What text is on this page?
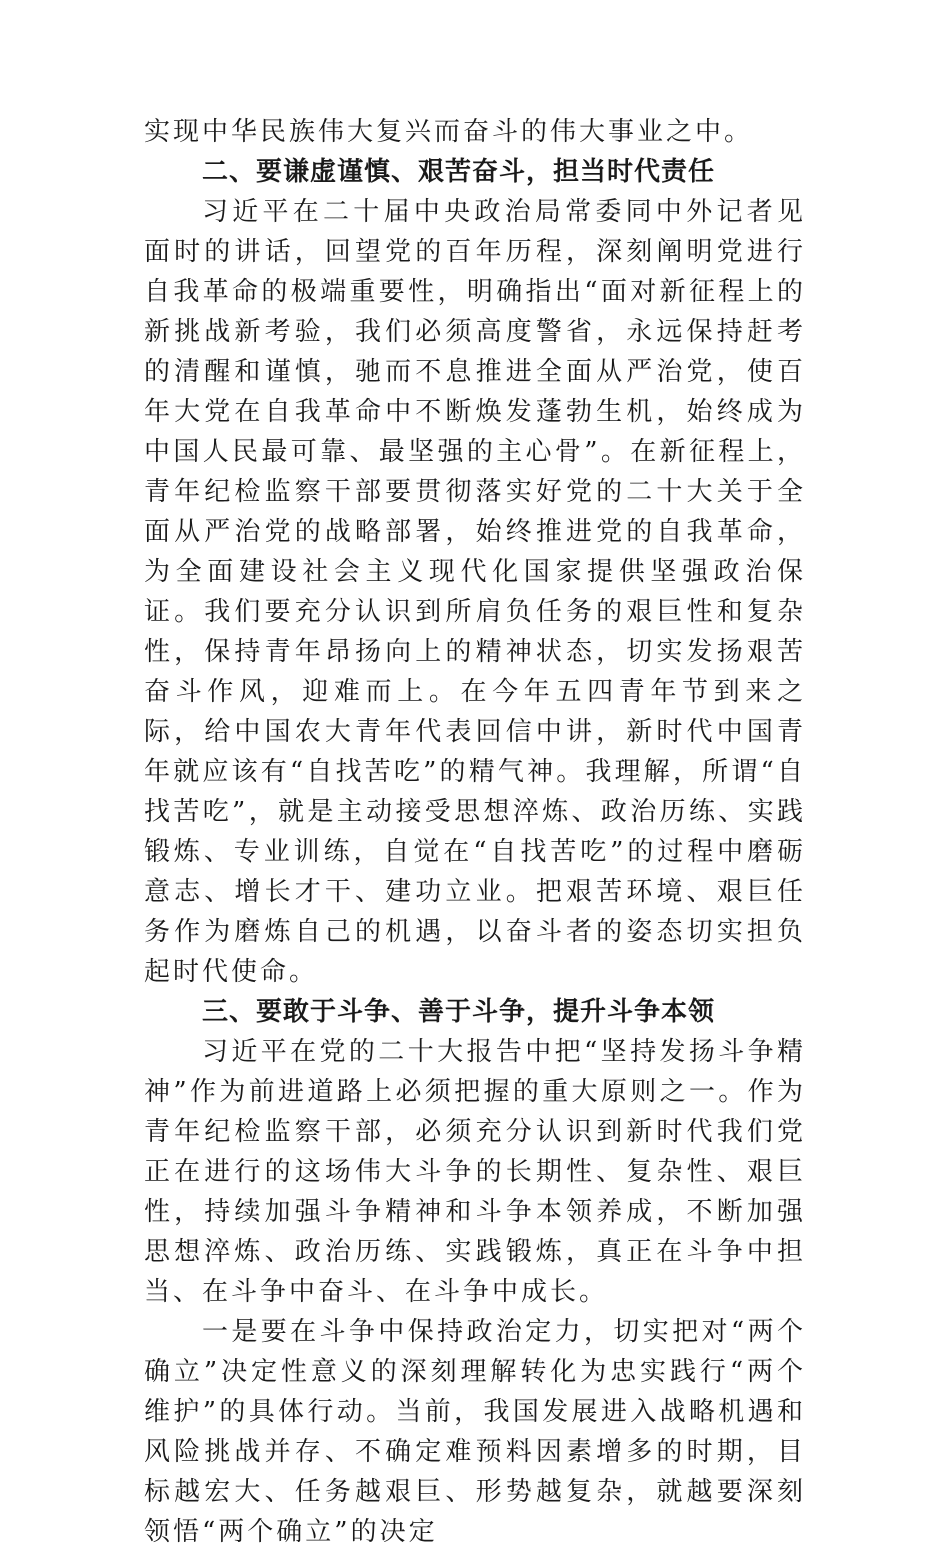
实现中华民族伟大复兴而奋斗的伟大事业之中。

二、要谦虚谨慎、艰苦奋斗，担当时代责任

习近平在二十届中央政治局常委同中外记者见面时的讲话，回望党的百年历程，深刻阐明党进行自我革命的极端重要性，明确指出“面对新征程上的新挑战新考验，我们必须高度警省，永远保持赶考的清醒和谨慎，驰而不息推进全面从严治党，使百年大党在自我革命中不断焕发蓬勃生机，始终成为中国人民最可靠、最坚强的主心骨”。在新征程上，青年纪检监察干部要贯彻落实好党的二十大关于全面从严治党的战略部署，始终推进党的自我革命，为全面建设社会主义现代化国家提供坚强政治保证。我们要充分认识到所肩负任务的艰巨性和复杂性，保持青年昂扬向上的精神状态，切实发扬艰苦奋斗作风，迎难而上。在今年五四青年节到来之际，给中国农大青年代表回信中讲，新时代中国青年就应该有“自找苦吃”的精气神。我理解，所谓“自找苦吃”，就是主动接受思想淬炼、政治历练、实践锻炼、专业训练，自觉在“自找苦吃”的过程中磨砺意志、增长才干、建功立业。把艰苦环境、艰巨任务作为磨炼自己的机遇，以奋斗者的姿态切实担负起时代使命。

三、要敢于斗争、善于斗争，提升斗争本领

习近平在党的二十大报告中把“坚持发扬斗争精神”作为前进道路上必须把握的重大原则之一。作为青年纪检监察干部，必须充分认识到新时代我们党正在进行的这场伟大斗争的长期性、复杂性、艰巨性，持续加强斗争精神和斗争本领养成，不断加强思想淬炼、政治历练、实践锻炼，真正在斗争中担当、在斗争中奋斗、在斗争中成长。

一是要在斗争中保持政治定力，切实把对“两个确立”决定性意义的深刻理解转化为忠实践行“两个维护”的具体行动。当前，我国发展进入战略机遇和风险挑战并存、不确定难预料因素增多的时期，目标越宏大、任务越艰巨、形势越复杂，就越要深刻领悟“两个确立”的决定
